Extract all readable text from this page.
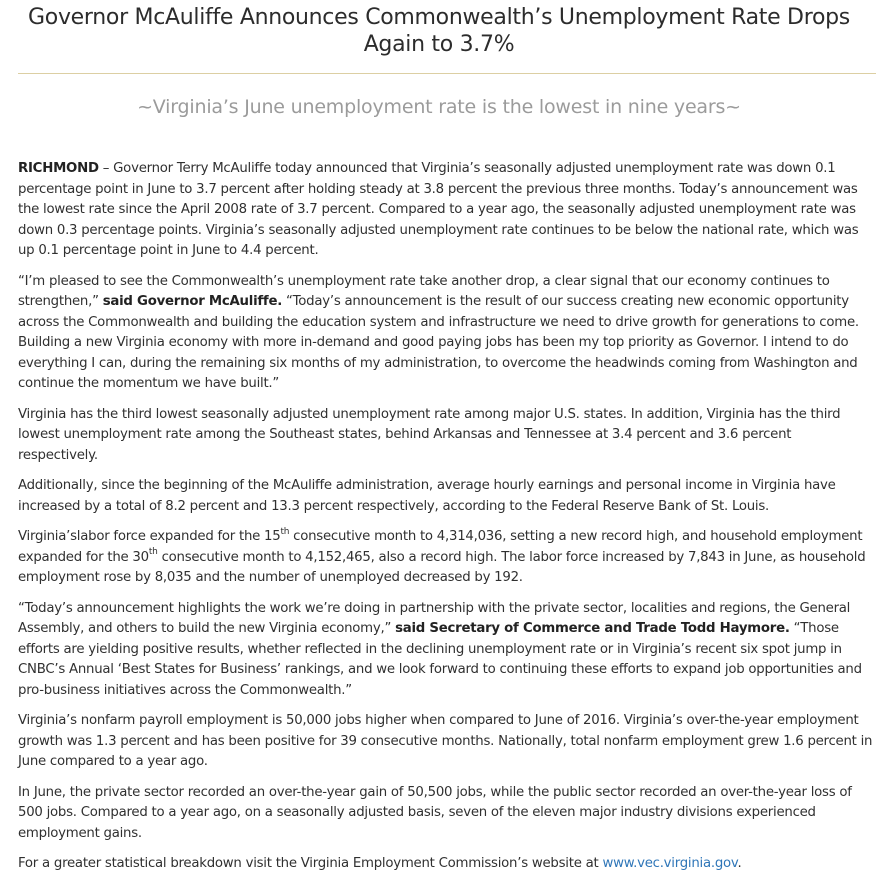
Governor McAuliffe Announces Commonwealth’s Unemployment Rate Drops
Again to 3.7%
~Virginia’s June unemployment rate is the lowest in nine years~

RICHMOND – Governor Terry McAuliffe today announced that Virginia’s seasonally adjusted unemployment rate was down 0.1 percentage point in June to 3.7 percent after holding steady at 3.8 percent the previous three months. Today’s announcement was the lowest rate since the April 2008 rate of 3.7 percent. Compared to a year ago, the seasonally adjusted unemployment rate was down 0.3 percentage points. Virginia’s seasonally adjusted unemployment rate continues to be below the national rate, which was up 0.1 percentage point in June to 4.4 percent.

“I’m pleased to see the Commonwealth’s unemployment rate take another drop, a clear signal that our economy continues to strengthen,” said Governor McAuliffe. “Today’s announcement is the result of our success creating new economic opportunity across the Commonwealth and building the education system and infrastructure we need to drive growth for generations to come. Building a new Virginia economy with more in-demand and good paying jobs has been my top priority as Governor. I intend to do everything I can, during the remaining six months of my administration, to overcome the headwinds coming from Washington and continue the momentum we have built.”

Virginia has the third lowest seasonally adjusted unemployment rate among major U.S. states. In addition, Virginia has the third lowest unemployment rate among the Southeast states, behind Arkansas and Tennessee at 3.4 percent and 3.6 percent respectively.

Additionally, since the beginning of the McAuliffe administration, average hourly earnings and personal income in Virginia have increased by a total of 8.2 percent and 13.3 percent respectively, according to the Federal Reserve Bank of St. Louis.

Virginia’slabor force expanded for the 15th consecutive month to 4,314,036, setting a new record high, and household employment expanded for the 30th consecutive month to 4,152,465, also a record high. The labor force increased by 7,843 in June, as household employment rose by 8,035 and the number of unemployed decreased by 192.

“Today’s announcement highlights the work we’re doing in partnership with the private sector, localities and regions, the General Assembly, and others to build the new Virginia economy,” said Secretary of Commerce and Trade Todd Haymore. “Those efforts are yielding positive results, whether reflected in the declining unemployment rate or in Virginia’s recent six spot jump in CNBC’s Annual ‘Best States for Business’ rankings, and we look forward to continuing these efforts to expand job opportunities and pro-business initiatives across the Commonwealth.”

Virginia’s nonfarm payroll employment is 50,000 jobs higher when compared to June of 2016. Virginia’s over-the-year employment growth was 1.3 percent and has been positive for 39 consecutive months. Nationally, total nonfarm employment grew 1.6 percent in June compared to a year ago.

In June, the private sector recorded an over-the-year gain of 50,500 jobs, while the public sector recorded an over-the-year loss of 500 jobs. Compared to a year ago, on a seasonally adjusted basis, seven of the eleven major industry divisions experienced employment gains.

For a greater statistical breakdown visit the Virginia Employment Commission’s website at www.vec.virginia.gov.
